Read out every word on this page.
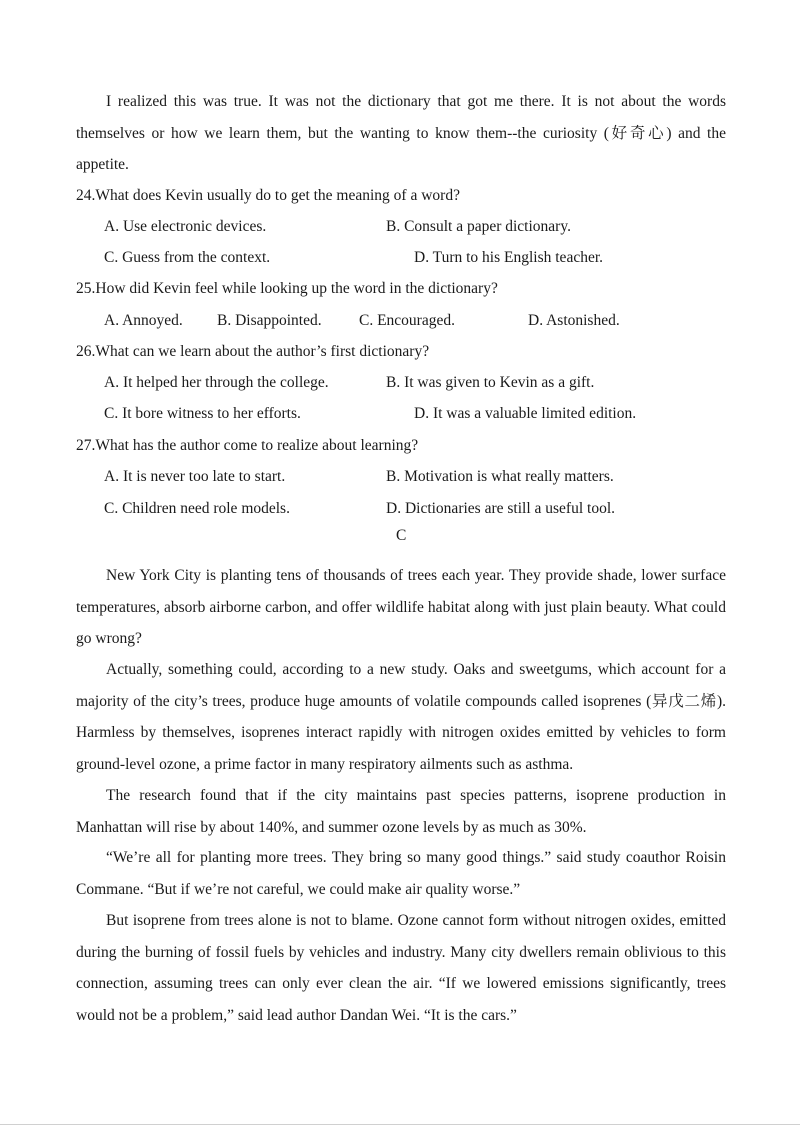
I realized this was true. It was not the dictionary that got me there. It is not about the words themselves or how we learn them, but the wanting to know them--the curiosity (好奇心) and the appetite.

24.What does Kevin usually do to get the meaning of a word?
A. Use electronic devices.	B. Consult a paper dictionary.
C. Guess from the context.	D. Turn to his English teacher.
25.How did Kevin feel while looking up the word in the dictionary?
A. Annoyed. B. Disappointed. C. Encouraged.	D. Astonished.
26.What can we learn about the author’s first dictionary?
A. It helped her through the college.	B. It was given to Kevin as a gift.
C. It bore witness to her efforts.	D. It was a valuable limited edition.
27.What has the author come to realize about learning?
A. It is never too late to start.	B. Motivation is what really matters.
C. Children need role models.	D. Dictionaries are still a useful tool.
C

New York City is planting tens of thousands of trees each year. They provide shade, lower surface temperatures, absorb airborne carbon, and offer wildlife habitat along with just plain beauty. What could go wrong?

Actually, something could, according to a new study. Oaks and sweetgums, which account for a majority of the city’s trees, produce huge amounts of volatile compounds called isoprenes (异戊二烯). Harmless by themselves, isoprenes interact rapidly with nitrogen oxides emitted by vehicles to form ground-level ozone, a prime factor in many respiratory ailments such as asthma.

The research found that if the city maintains past species patterns, isoprene production in Manhattan will rise by about 140%, and summer ozone levels by as much as 30%.

“We’re all for planting more trees. They bring so many good things.” said study coauthor Roisin Commane. “But if we’re not careful, we could make air quality worse.”

But isoprene from trees alone is not to blame. Ozone cannot form without nitrogen oxides, emitted during the burning of fossil fuels by vehicles and industry. Many city dwellers remain oblivious to this connection, assuming trees can only ever clean the air. “If we lowered emissions significantly, trees would not be a problem,” said lead author Dandan Wei. “It is the cars.”
